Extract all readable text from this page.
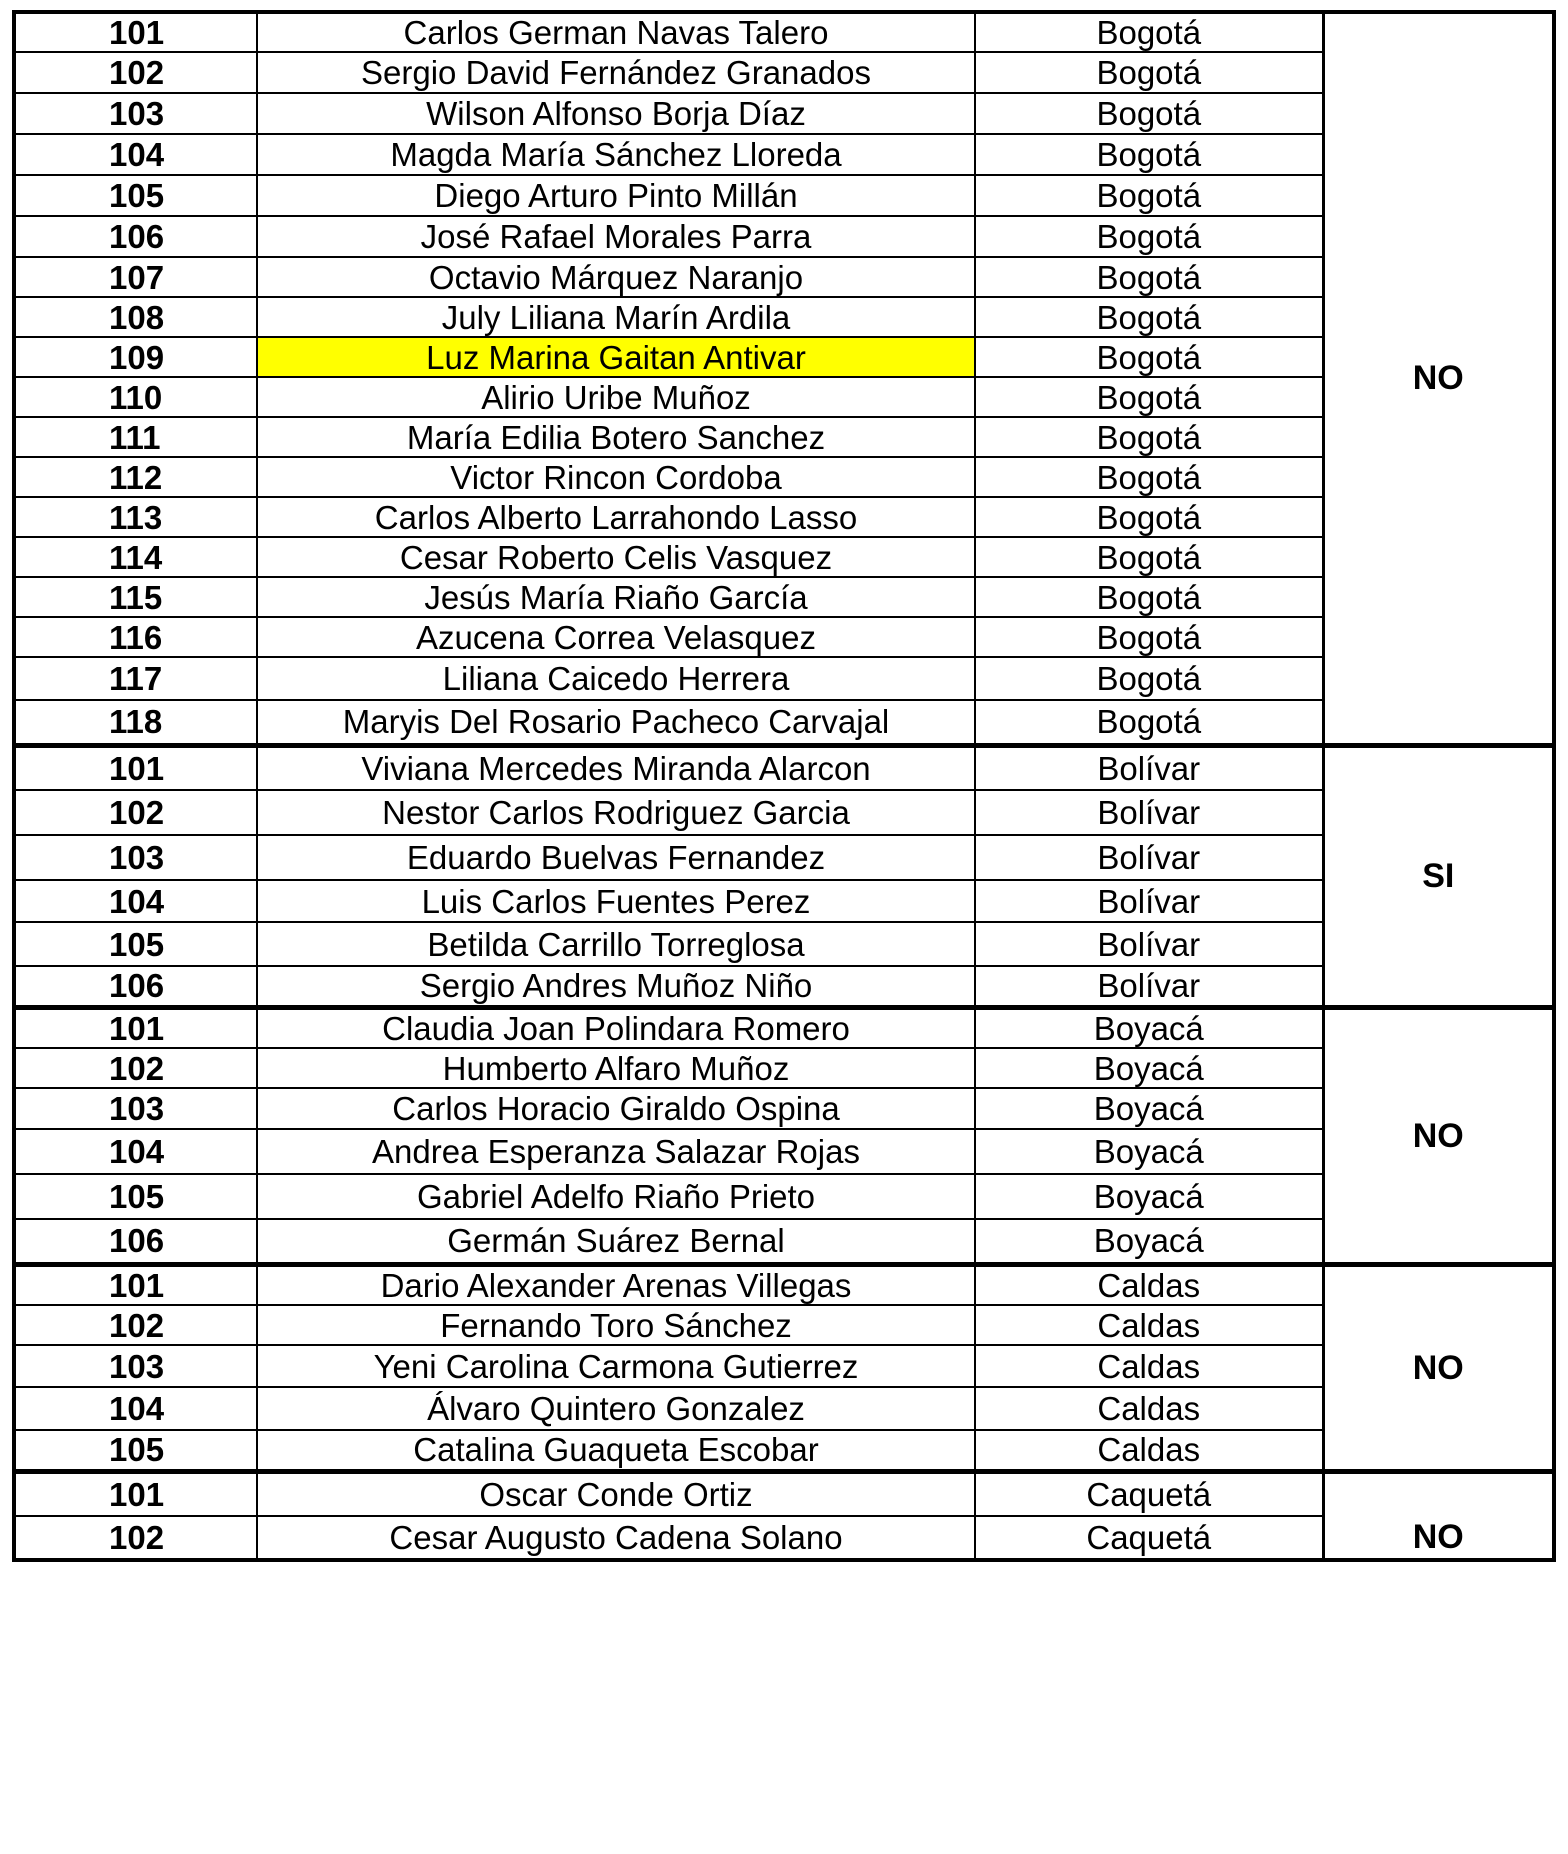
101	Carlos German Navas Talero	Bogotá	NO
102	Sergio David Fernández Granados	Bogotá	
103	Wilson Alfonso Borja Díaz	Bogotá	
104	Magda María Sánchez Lloreda	Bogotá	
105	Diego Arturo Pinto Millán	Bogotá	
106	José Rafael Morales Parra	Bogotá	
107	Octavio Márquez Naranjo	Bogotá	
108	July Liliana Marín Ardila	Bogotá	
109	Luz Marina Gaitan Antivar	Bogotá	
110	Alirio Uribe Muñoz	Bogotá	
111	María Edilia Botero Sanchez	Bogotá	
112	Victor Rincon Cordoba	Bogotá	
113	Carlos Alberto Larrahondo Lasso	Bogotá	
114	Cesar Roberto Celis Vasquez	Bogotá	
115	Jesús María Riaño García	Bogotá	
116	Azucena Correa Velasquez	Bogotá	
117	Liliana Caicedo Herrera	Bogotá	
118	Maryis Del Rosario Pacheco Carvajal	Bogotá	
101	Viviana Mercedes Miranda Alarcon	Bolívar	SI
102	Nestor Carlos Rodriguez Garcia	Bolívar	
103	Eduardo Buelvas Fernandez	Bolívar	
104	Luis Carlos Fuentes Perez	Bolívar	
105	Betilda Carrillo Torreglosa	Bolívar	
106	Sergio Andres Muñoz Niño	Bolívar	
101	Claudia Joan Polindara Romero	Boyacá	NO
102	Humberto Alfaro Muñoz	Boyacá	
103	Carlos Horacio Giraldo Ospina	Boyacá	
104	Andrea Esperanza Salazar Rojas	Boyacá	
105	Gabriel Adelfo Riaño Prieto	Boyacá	
106	Germán Suárez Bernal	Boyacá	
101	Dario Alexander Arenas Villegas	Caldas	NO
102	Fernando Toro Sánchez	Caldas	
103	Yeni Carolina Carmona Gutierrez	Caldas	
104	Álvaro Quintero Gonzalez	Caldas	
105	Catalina Guaqueta Escobar	Caldas	
101	Oscar Conde Ortiz	Caquetá	NO
102	Cesar Augusto Cadena Solano	Caquetá	
